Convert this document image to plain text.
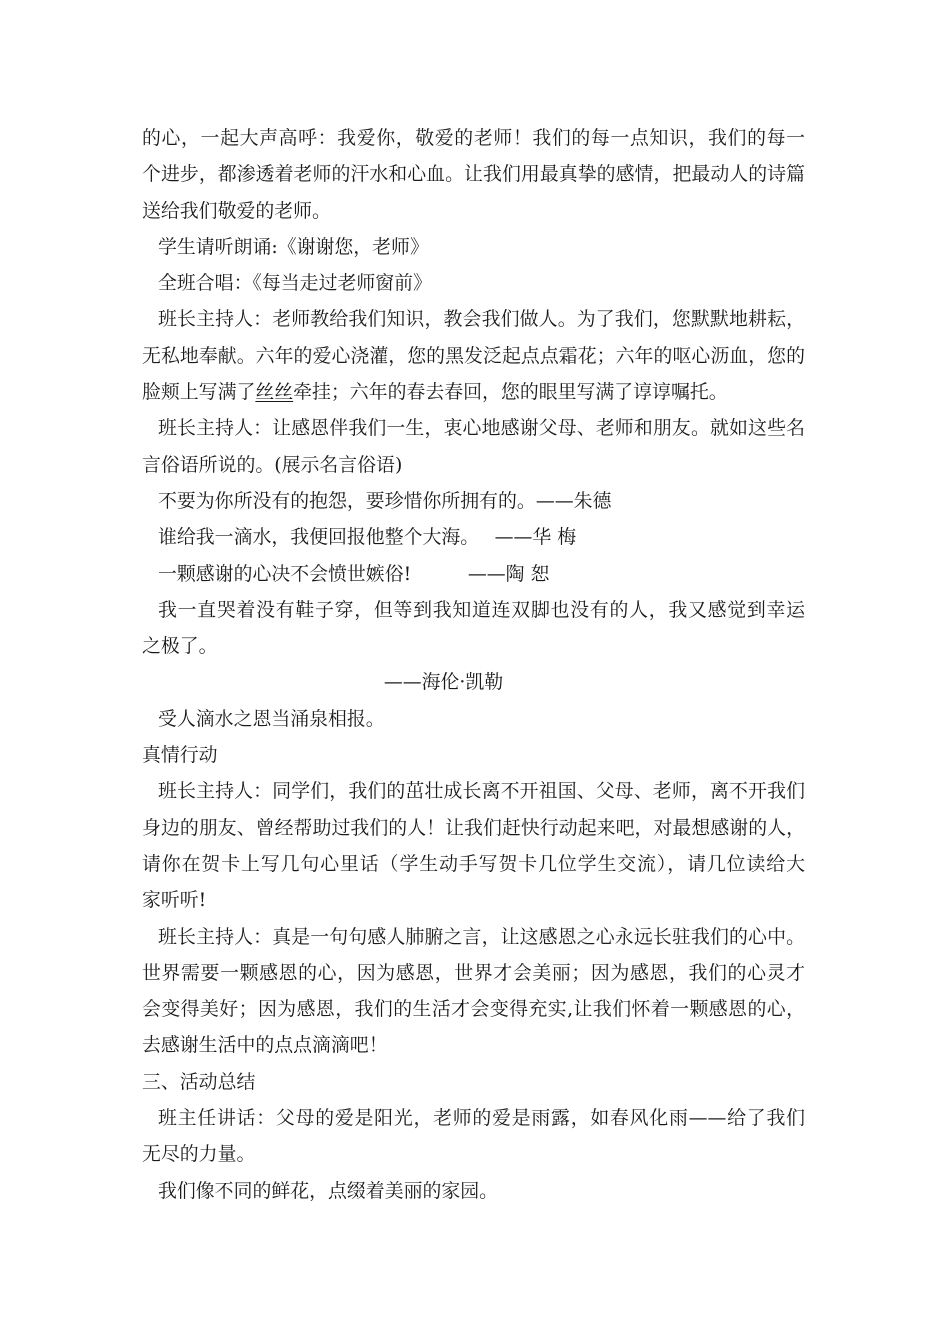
的心，一起大声高呼：我爱你，敬爱的老师！我们的每一点知识，我们的每一
个进步，都渗透着老师的汗水和心血。让我们用最真挚的感情，把最动人的诗篇
送给我们敬爱的老师。
学生请听朗诵:《谢谢您，老师》
全班合唱：《每当走过老师窗前》
班长主持人：老师教给我们知识，教会我们做人。为了我们，您默默地耕耘，
无私地奉献。六年的爱心浇灌，您的黑发泛起点点霜花；六年的呕心沥血，您的
脸颊上写满了丝丝牵挂；六年的春去春回，您的眼里写满了谆谆嘱托。
班长主持人：让感恩伴我们一生，衷心地感谢父母、老师和朋友。就如这些名
言俗语所说的。(展示名言俗语)
不要为你所没有的抱怨，要珍惜你所拥有的。——朱德
谁给我一滴水，我便回报他整个大海。　 ——华 梅
一颗感谢的心决不会愤世嫉俗!　　　——陶 恕
我一直哭着没有鞋子穿，但等到我知道连双脚也没有的人，我又感觉到幸运
之极了。
——海伦·凯勒
受人滴水之恩当涌泉相报。
真情行动
班长主持人：同学们，我们的茁壮成长离不开祖国、父母、老师，离不开我们
身边的朋友、曾经帮助过我们的人！让我们赶快行动起来吧，对最想感谢的人，
请你在贺卡上写几句心里话（学生动手写贺卡几位学生交流），请几位读给大
家听听!
班长主持人：真是一句句感人肺腑之言，让这感恩之心永远长驻我们的心中。
世界需要一颗感恩的心，因为感恩，世界才会美丽；因为感恩，我们的心灵才
会变得美好；因为感恩，我们的生活才会变得充实,让我们怀着一颗感恩的心，
去感谢生活中的点点滴滴吧！
三、活动总结
班主任讲话：父母的爱是阳光，老师的爱是雨露，如春风化雨——给了我们
无尽的力量。
我们像不同的鲜花，点缀着美丽的家园。
